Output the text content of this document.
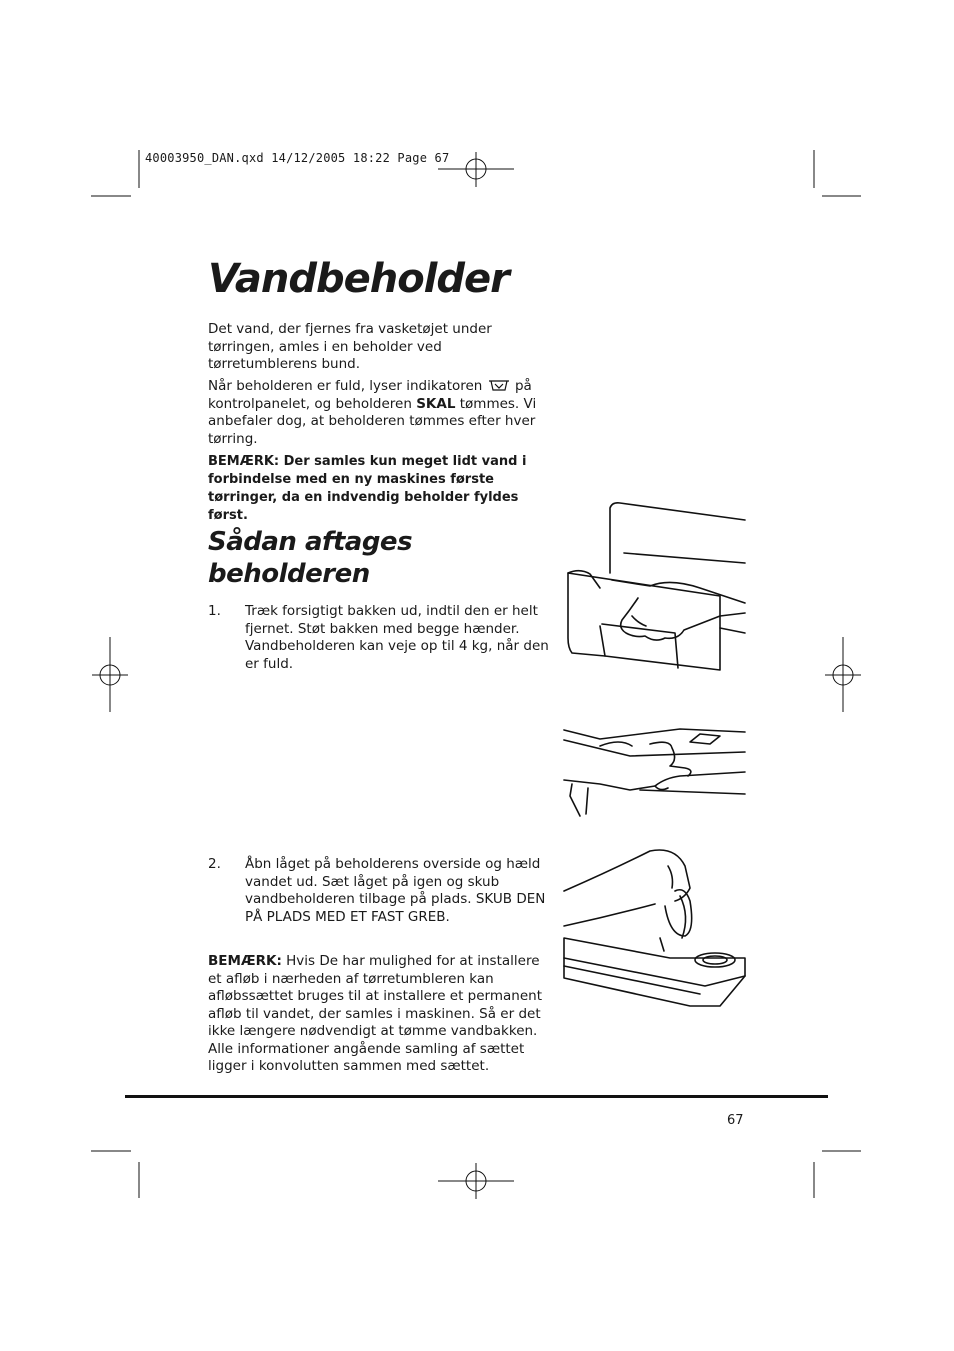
40003950_DAN.qxd 14/12/2005 18:22 Page 67
Vandbeholder

Det vand, der fjernes fra vasketøjet under tørringen, amles i en beholder ved tørretumblerens bund.

Når beholderen er fuld, lyser indikatoren på kontrolpanelet, og beholderen SKAL tømmes. Vi anbefaler dog, at beholderen tømmes efter hver tørring.

BEMÆRK: Der samles kun meget lidt vand i forbindelse med en ny maskines første tørringer, da en indvendig beholder fyldes først.

Sådan aftages beholderen
1. Træk forsigtigt bakken ud, indtil den er helt fjernet. Støt bakken med begge hænder. Vandbeholderen kan veje op til 4 kg, når den er fuld.
2. Åbn låget på beholderens overside og hæld vandet ud. Sæt låget på igen og skub vandbeholderen tilbage på plads. SKUB DEN PÅ PLADS MED ET FAST GREB.

BEMÆRK: Hvis De har mulighed for at installere et afløb i nærheden af tørretumbleren kan afløbssættet bruges til at installere et permanent afløb til vandet, der samles i maskinen. Så er det ikke længere nødvendigt at tømme vandbakken. Alle informationer angående samling af sættet ligger i konvolutten sammen med sættet.

67
